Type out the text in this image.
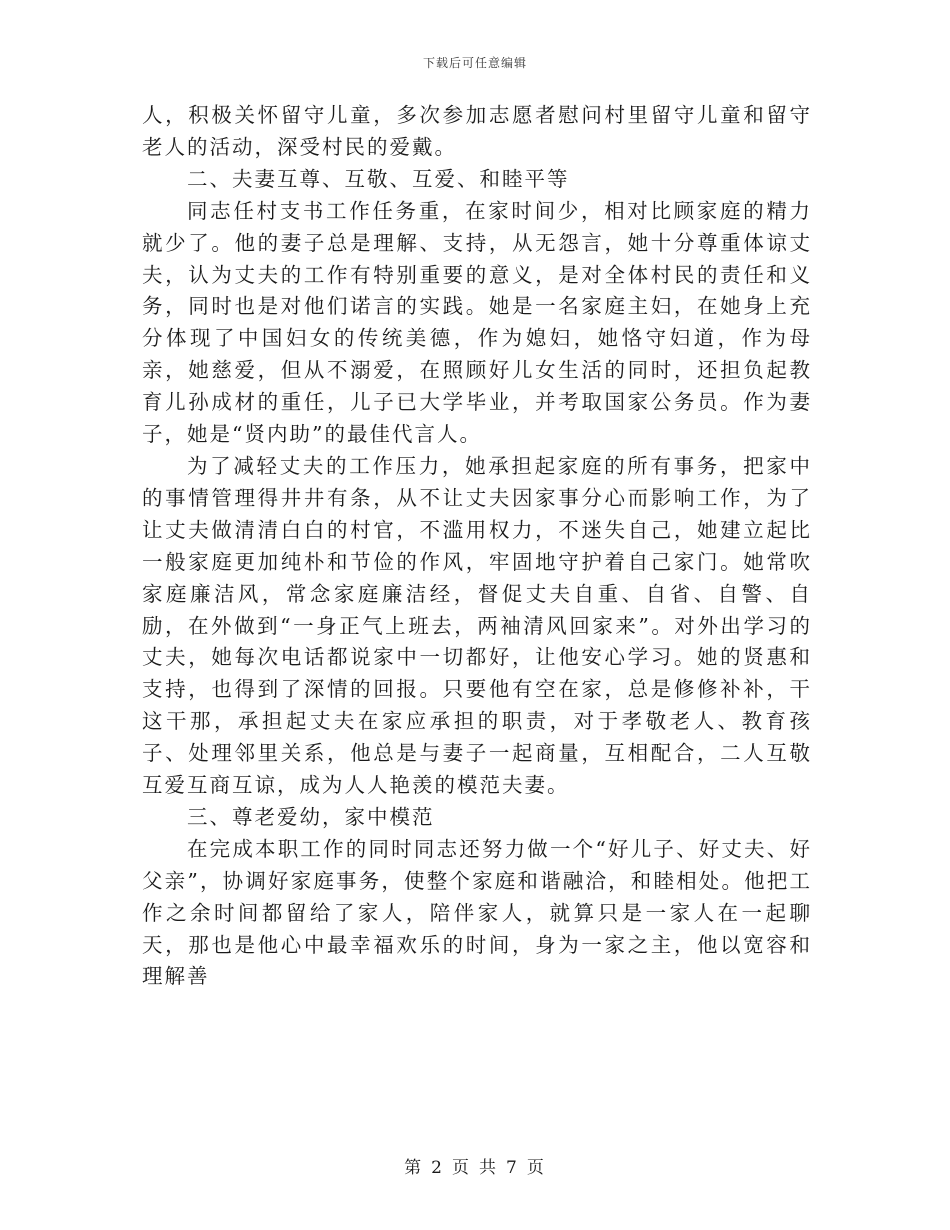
下载后可任意编辑

人，积极关怀留守儿童，多次参加志愿者慰问村里留守儿童和留守老人的活动，深受村民的爱戴。

二、夫妻互尊、互敬、互爱、和睦平等

同志任村支书工作任务重，在家时间少，相对比顾家庭的精力就少了。他的妻子总是理解、支持，从无怨言，她十分尊重体谅丈夫，认为丈夫的工作有特别重要的意义，是对全体村民的责任和义务，同时也是对他们诺言的实践。她是一名家庭主妇，在她身上充分体现了中国妇女的传统美德，作为媳妇，她恪守妇道，作为母亲，她慈爱，但从不溺爱，在照顾好儿女生活的同时，还担负起教育儿孙成材的重任，儿子已大学毕业，并考取国家公务员。作为妻子，她是“贤内助”的最佳代言人。

为了减轻丈夫的工作压力，她承担起家庭的所有事务，把家中的事情管理得井井有条，从不让丈夫因家事分心而影响工作，为了让丈夫做清清白白的村官，不滥用权力，不迷失自己，她建立起比一般家庭更加纯朴和节俭的作风，牢固地守护着自己家门。她常吹家庭廉洁风，常念家庭廉洁经，督促丈夫自重、自省、自警、自励，在外做到“一身正气上班去，两袖清风回家来”。对外出学习的丈夫，她每次电话都说家中一切都好，让他安心学习。她的贤惠和支持，也得到了深情的回报。只要他有空在家，总是修修补补，干这干那，承担起丈夫在家应承担的职责，对于孝敬老人、教育孩子、处理邻里关系，他总是与妻子一起商量，互相配合，二人互敬互爱互商互谅，成为人人艳羡的模范夫妻。

三、尊老爱幼，家中模范

在完成本职工作的同时同志还努力做一个“好儿子、好丈夫、好父亲”，协调好家庭事务，使整个家庭和谐融洽，和睦相处。他把工作之余时间都留给了家人，陪伴家人，就算只是一家人在一起聊天，那也是他心中最幸福欢乐的时间，身为一家之主，他以宽容和理解善

第 2 页 共 7 页
